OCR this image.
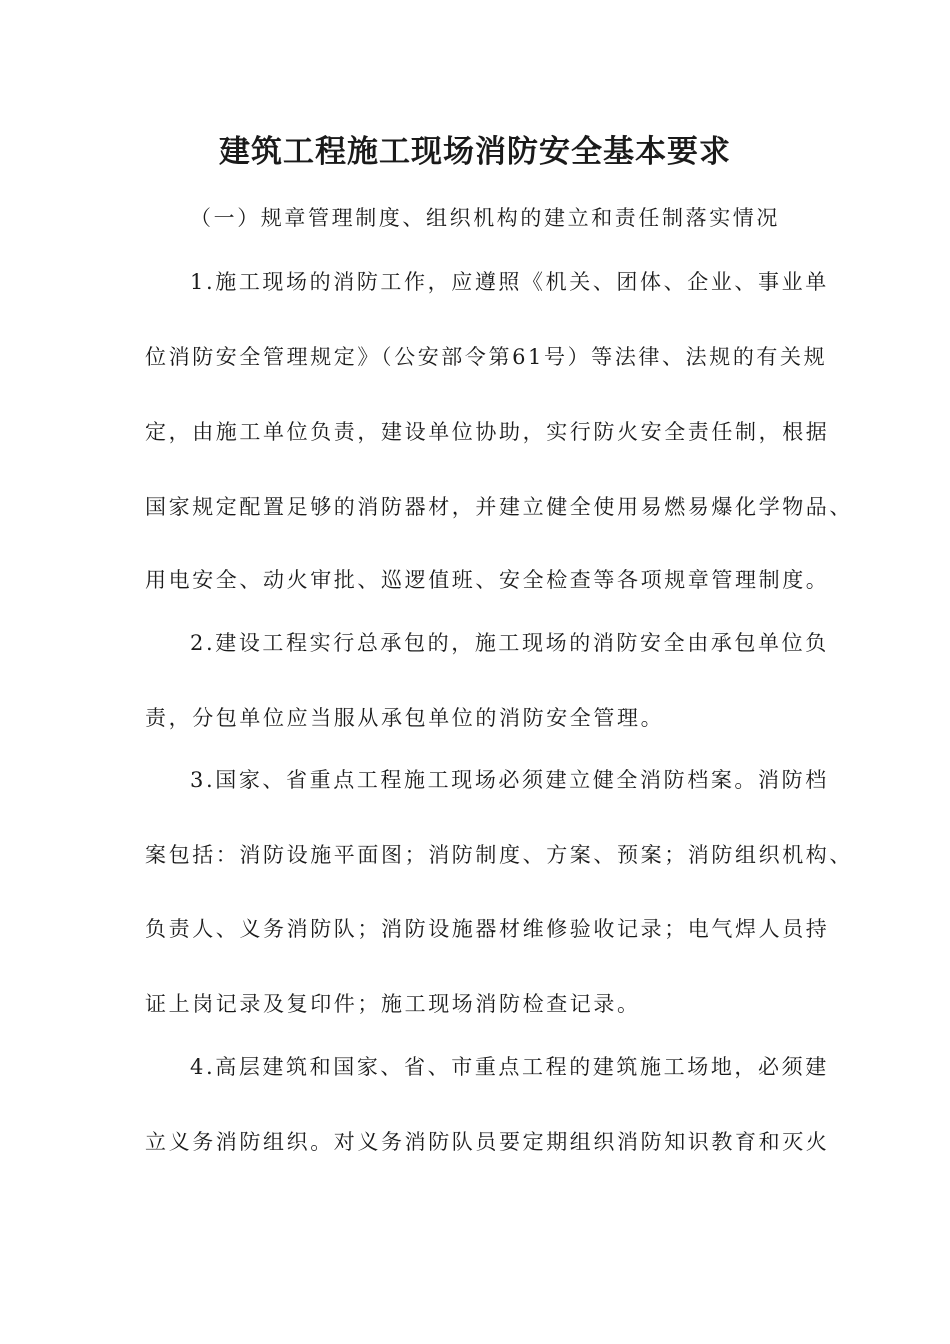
建筑工程施工现场消防安全基本要求

（一）规章管理制度、组织机构的建立和责任制落实情况

1.施工现场的消防工作，应遵照《机关、团体、企业、事业单

位消防安全管理规定》（公安部令第61号）等法律、法规的有关规

定，由施工单位负责，建设单位协助，实行防火安全责任制，根据

国家规定配置足够的消防器材，并建立健全使用易燃易爆化学物品、

用电安全、动火审批、巡逻值班、安全检查等各项规章管理制度。

2.建设工程实行总承包的，施工现场的消防安全由承包单位负

责，分包单位应当服从承包单位的消防安全管理。

3.国家、省重点工程施工现场必须建立健全消防档案。消防档

案包括：消防设施平面图；消防制度、方案、预案；消防组织机构、

负责人、义务消防队；消防设施器材维修验收记录；电气焊人员持

证上岗记录及复印件；施工现场消防检查记录。

4.高层建筑和国家、省、市重点工程的建筑施工场地，必须建

立义务消防组织。对义务消防队员要定期组织消防知识教育和灭火
